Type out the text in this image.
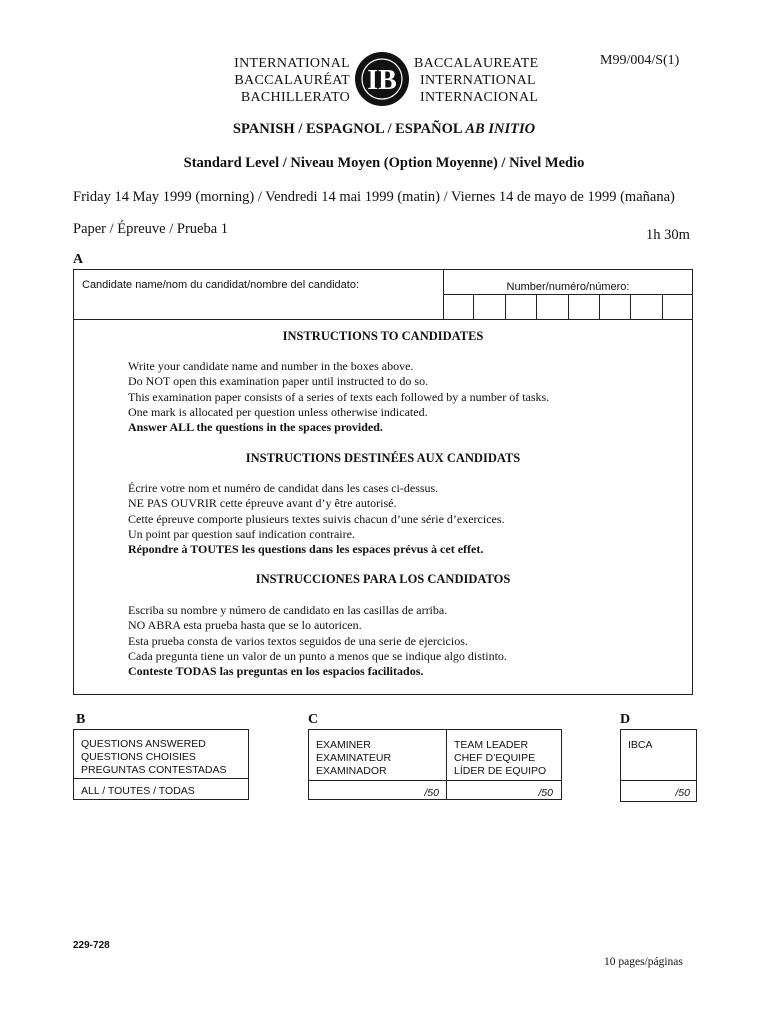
INTERNATIONAL
BACCALAURÉAT
BACHILLERATO
IB
BACCALAUREATE
INTERNATIONAL
INTERNACIONAL
M99/004/S(1)
SPANISH / ESPAGNOL / ESPAÑOL AB INITIO
Standard Level / Niveau Moyen (Option Moyenne) / Nivel Medio
Friday 14 May 1999 (morning) / Vendredi 14 mai 1999 (matin) / Viernes 14 de mayo de 1999 (mañana)
Paper / Épreuve / Prueba 1	1h 30m
A
Candidate name/nom du candidat/nombre del candidato:	Number/numéro/número:
INSTRUCTIONS TO CANDIDATES
Write your candidate name and number in the boxes above.
Do NOT open this examination paper until instructed to do so.
This examination paper consists of a series of texts each followed by a number of tasks.
One mark is allocated per question unless otherwise indicated.
Answer ALL the questions in the spaces provided.
INSTRUCTIONS DESTINÉES AUX CANDIDATS
Écrire votre nom et numéro de candidat dans les cases ci-dessus.
NE PAS OUVRIR cette épreuve avant d’y être autorisé.
Cette épreuve comporte plusieurs textes suivis chacun d’une série d’exercices.
Un point par question sauf indication contraire.
Répondre à TOUTES les questions dans les espaces prévus à cet effet.
INSTRUCCIONES PARA LOS CANDIDATOS
Escriba su nombre y número de candidato en las casillas de arriba.
NO ABRA esta prueba hasta que se lo autoricen.
Esta prueba consta de varios textos seguidos de una serie de ejercicios.
Cada pregunta tiene un valor de un punto a menos que se indique algo distinto.
Conteste TODAS las preguntas en los espacios facilitados.
B
QUESTIONS ANSWERED
QUESTIONS CHOISIES
PREGUNTAS CONTESTADAS
ALL / TOUTES / TODAS
C
EXAMINER
EXAMINATEUR
EXAMINADOR
TEAM LEADER
CHEF D’EQUIPE
LÍDER DE EQUIPO
/50	/50
D
IBCA
/50
229-728
10 pages/páginas
